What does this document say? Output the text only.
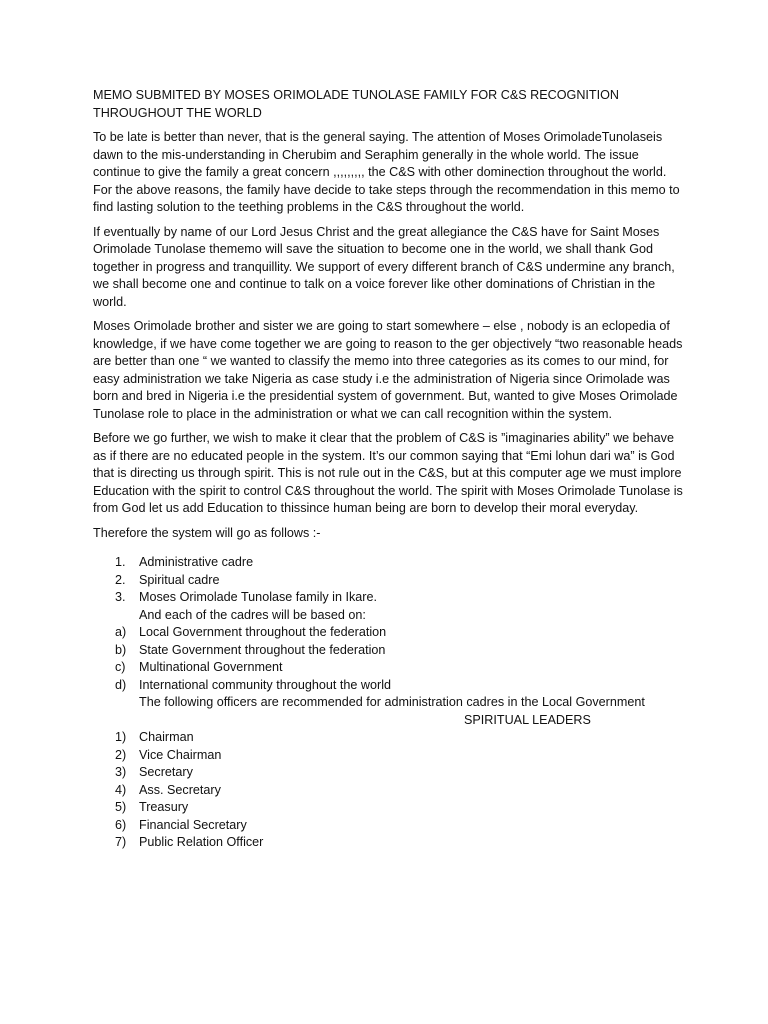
MEMO SUBMITED BY MOSES ORIMOLADE TUNOLASE FAMILY FOR C&S RECOGNITION THROUGHOUT THE WORLD

To be late is better than never, that is the general saying. The attention of Moses OrimoladeTunolaseis dawn to the mis-understanding in Cherubim and Seraphim generally in the whole world. The issue continue to give the family a great concern ,,,,,,,,, the C&S with other dominection throughout the world. For the above reasons, the family have decide to take steps through the recommendation in this memo to find lasting solution to the teething problems in the C&S throughout the world.

If eventually by name of our Lord Jesus Christ and the great allegiance the C&S have for Saint Moses Orimolade Tunolase thememo will save the situation to become one in the world, we shall thank God together in progress and tranquillity. We support of every different branch of C&S undermine any branch, we shall become one and continue to talk on a voice forever like other dominations of Christian in the world.

Moses Orimolade brother and sister we are going to start somewhere – else , nobody is an eclopedia of knowledge, if we have come together we are going to reason to the ger objectively “two reasonable heads are better than one “ we wanted to classify the memo into three categories as its comes to our mind, for easy administration we take Nigeria as case study i.e the administration of Nigeria since Orimolade was born and bred in Nigeria i.e the presidential system of government. But, wanted to give Moses Orimolade Tunolase role to place in the administration or what we can call recognition within the system.

Before we go further, we wish to make it clear that the problem of C&S is ”imaginaries ability” we behave as if there are no educated people in the system. It’s our common saying that “Emi lohun dari wa” is God that is directing us through spirit. This is not rule out in the C&S, but at this computer age we must implore Education with the spirit to control C&S throughout the world. The spirit with Moses Orimolade Tunolase is from God let us add Education to thissince human being are born to develop their moral everyday.

Therefore the system will go as follows :-

1. Administrative cadre
2. Spiritual cadre
3. Moses Orimolade Tunolase family in Ikare.
And each of the cadres will be based on:
a) Local Government throughout the federation
b) State Government throughout the federation
c) Multinational Government
d) International community throughout the world
The following officers are recommended for administration cadres in the Local Government
SPIRITUAL LEADERS
1) Chairman
2) Vice Chairman
3) Secretary
4) Ass. Secretary
5) Treasury
6) Financial Secretary
7) Public Relation Officer
